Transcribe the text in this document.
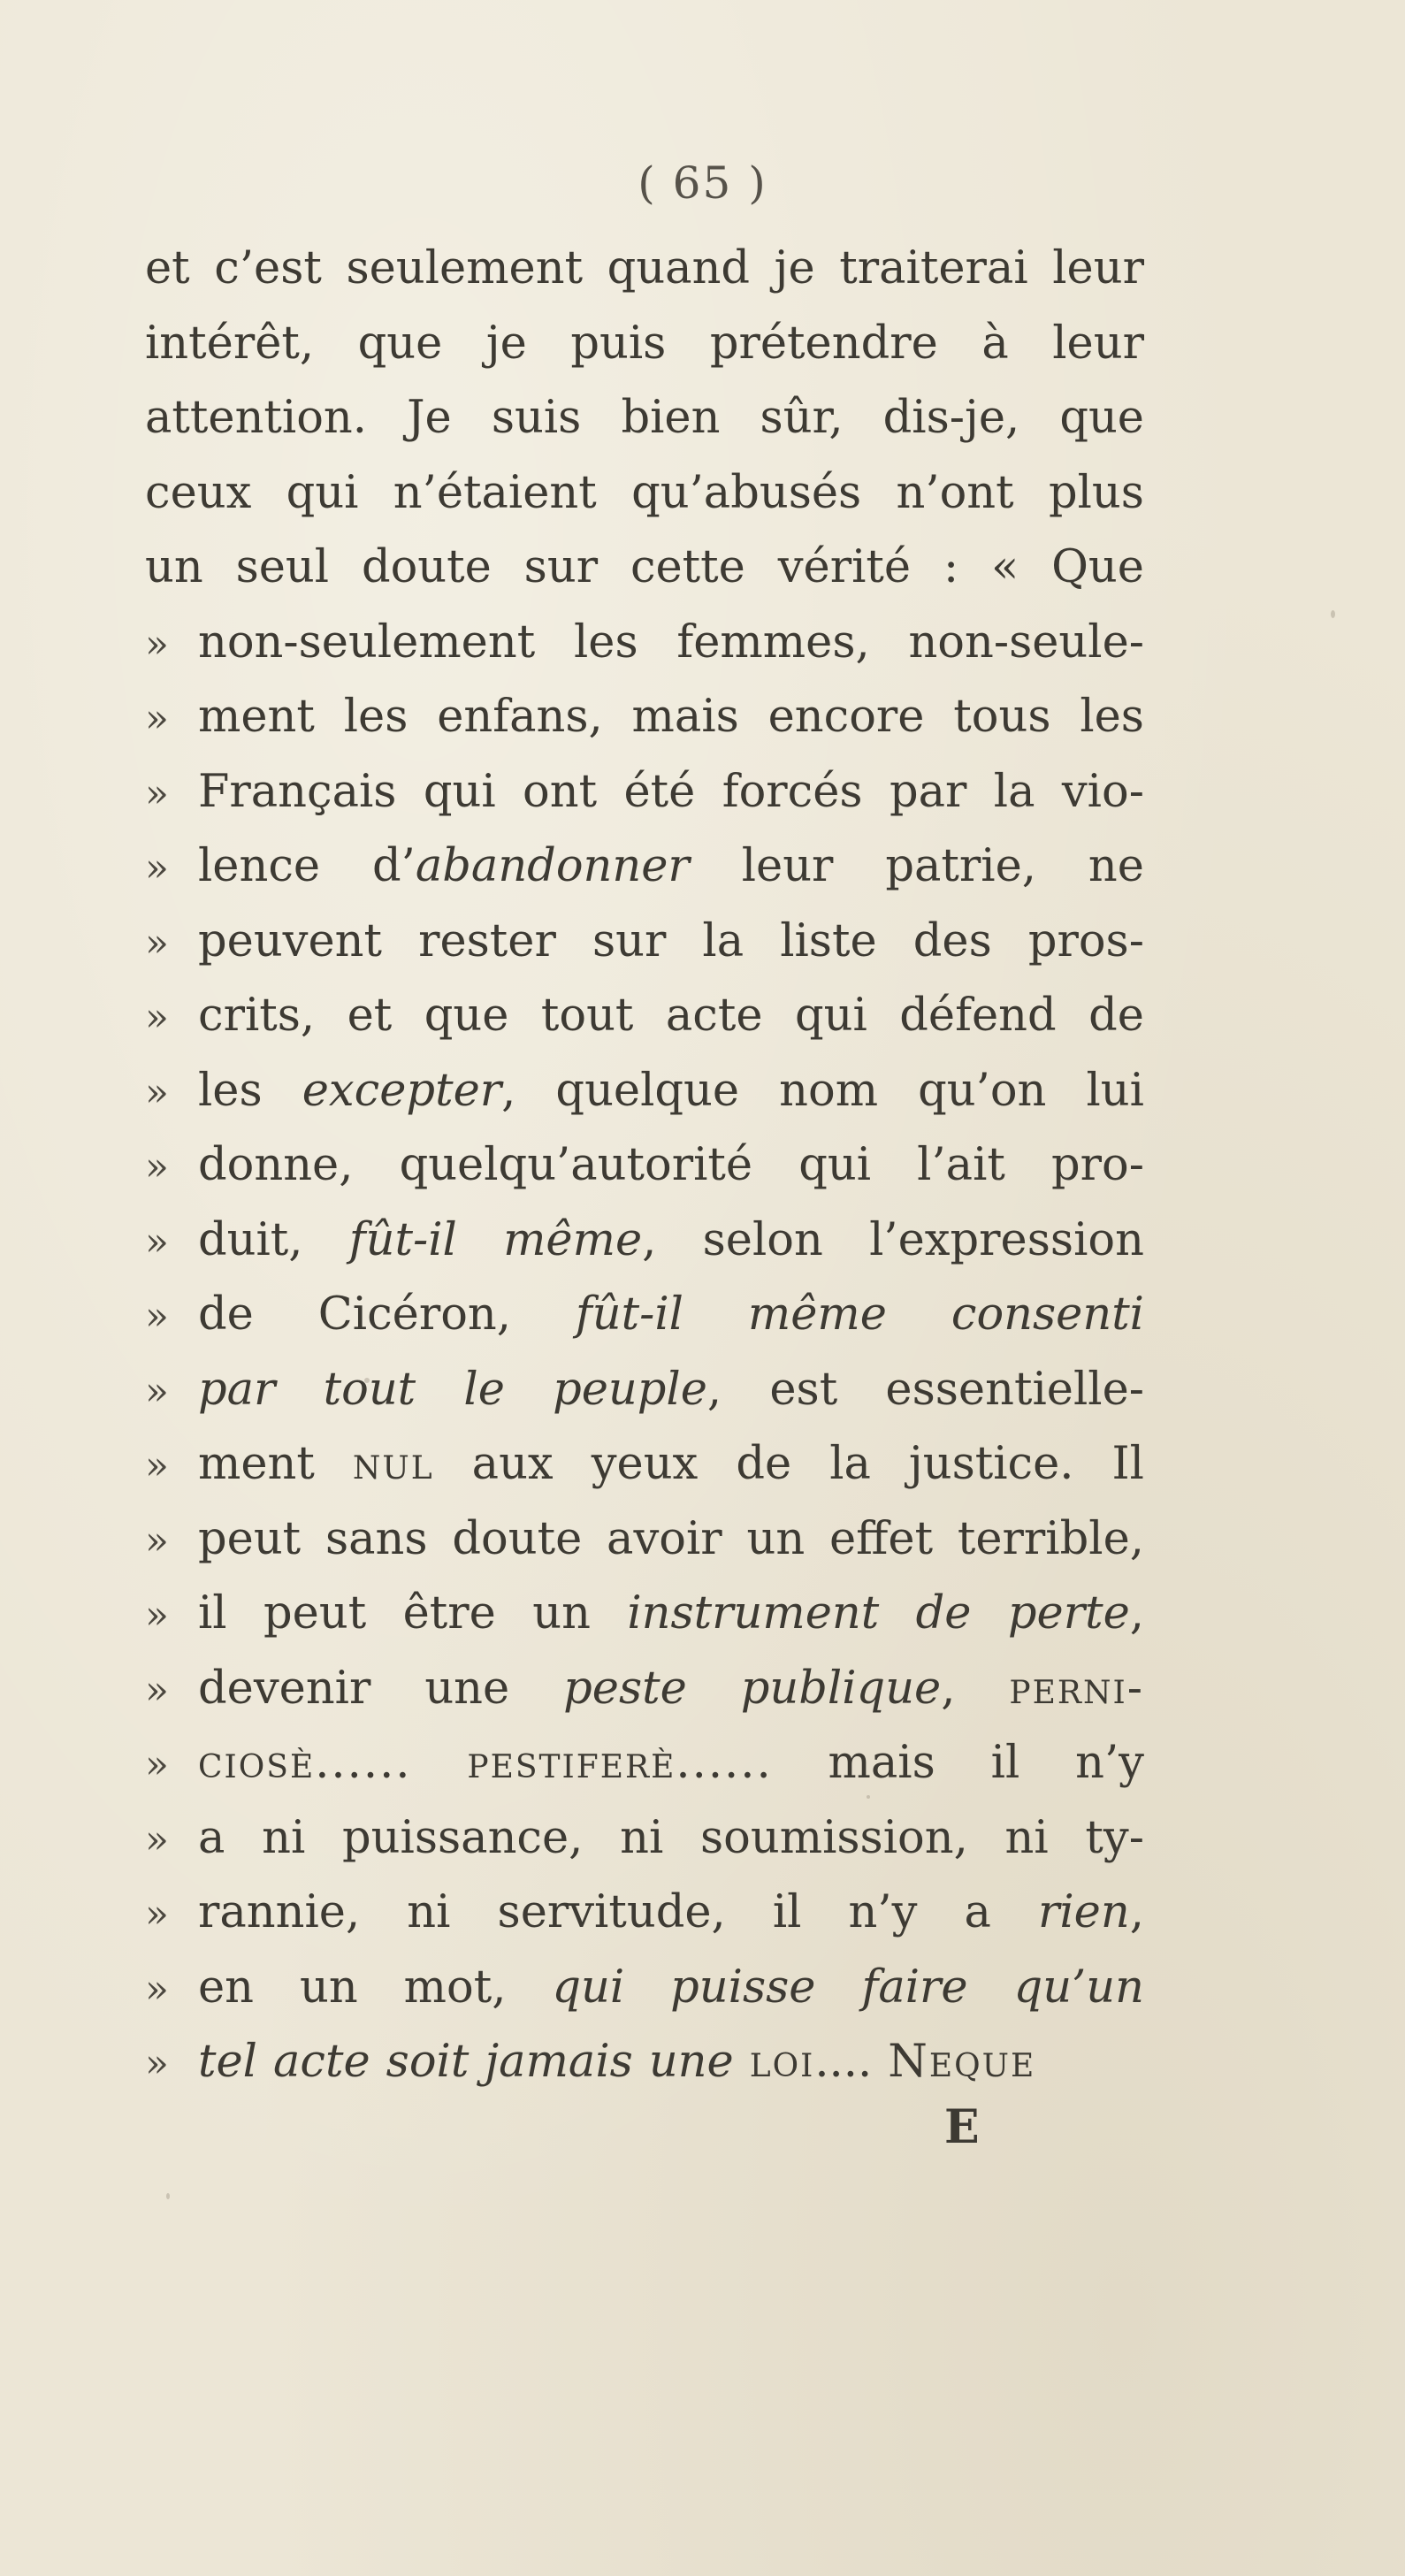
( 65 )
et c’est seulement quand je traiterai leur
intérêt, que je puis prétendre à leur
attention. Je suis bien sûr, dis-je, que
ceux qui n’étaient qu’abusés n’ont plus
un seul doute sur cette vérité : « Que
» non-seulement les femmes, non-seule-
» ment les enfans, mais encore tous les
» Français qui ont été forcés par la vio-
» lence d’abandonner leur patrie, ne
» peuvent rester sur la liste des pros-
» crits, et que tout acte qui défend de
» les excepter, quelque nom qu’on lui
» donne, quelqu’autorité qui l’ait pro-
» duit, fût-il même, selon l’expression
» de Cicéron, fût-il même consenti
» par tout le peuple, est essentielle-
» ment nul aux yeux de la justice. Il
» peut sans doute avoir un effet terrible,
» il peut être un instrument de perte,
» devenir une peste publique, perni-
» ciosè...... pestiferè...... mais il n’y
» a ni puissance, ni soumission, ni ty-
» rannie, ni servitude, il n’y a rien,
» en un mot, qui puisse faire qu’un
» tel acte soit jamais une loi.... Neque
E
